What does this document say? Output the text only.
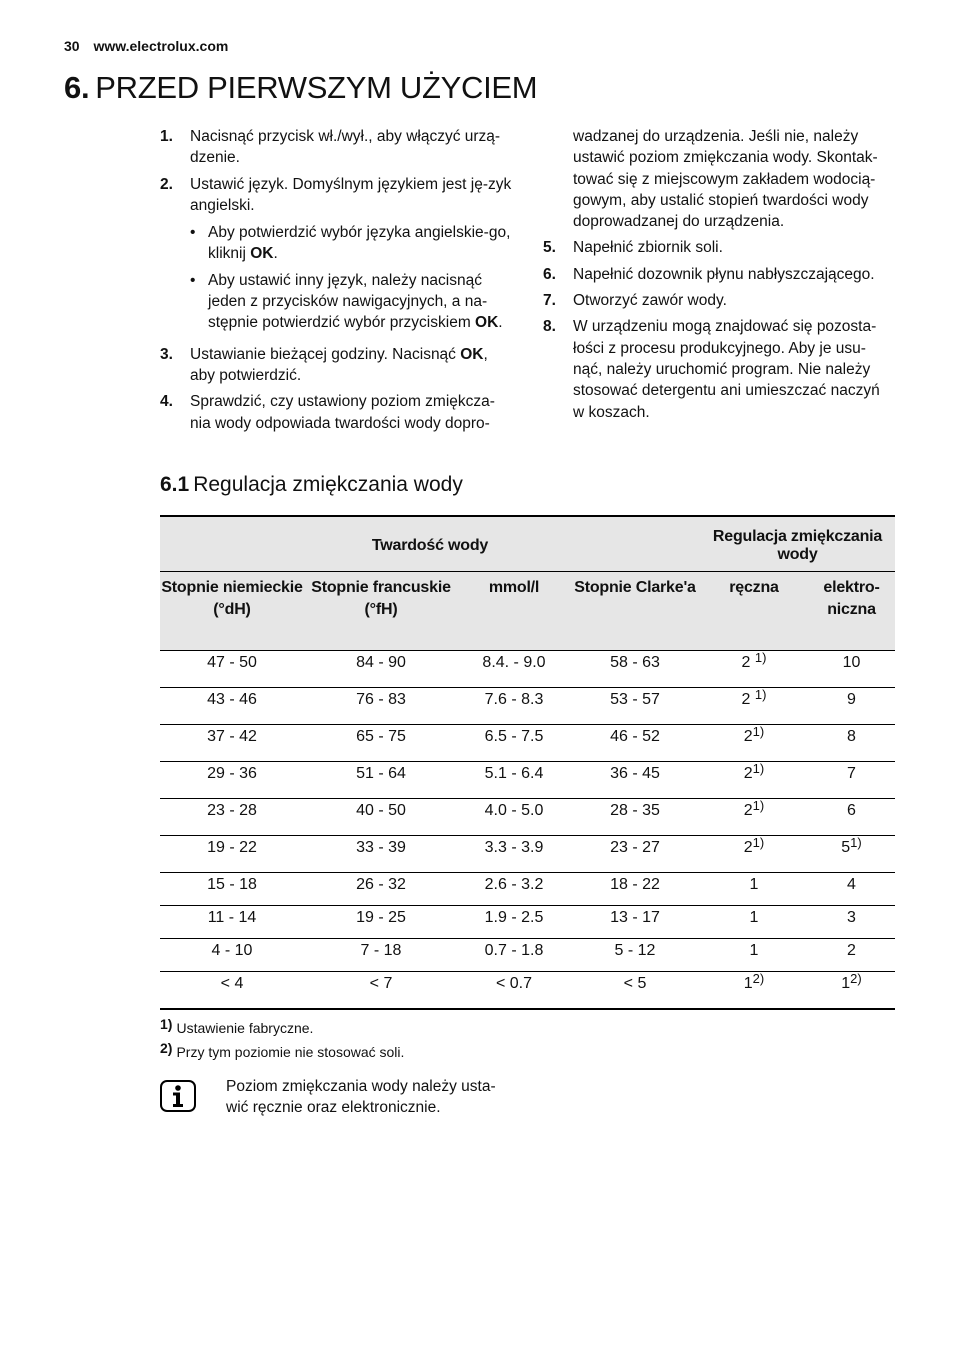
30 www.electrolux.com
6. PRZED PIERWSZYM UŻYCIEM
1.	Nacisnąć przycisk wł./wył., aby włączyć urzą-dzenie.
2.	Ustawić język. Domyślnym językiem jest ję-zyk angielski.
• Aby potwierdzić wybór języka angielskie-go, kliknij OK.
• Aby ustawić inny język, należy nacisnąć jeden z przycisków nawigacyjnych, a na-stępnie potwierdzić wybór przyciskiem OK.
3.	Ustawianie bieżącej godziny. Nacisnąć OK, aby potwierdzić.
4.	Sprawdzić, czy ustawiony poziom zmiękcza-nia wody odpowiada twardości wody dopro-
wadzanej do urządzenia. Jeśli nie, należy ustawić poziom zmiękczania wody. Skontak-tować się z miejscowym zakładem wodocią-gowym, aby ustalić stopień twardości wody doprowadzanej do urządzenia.
5.	Napełnić zbiornik soli.
6.	Napełnić dozownik płynu nabłyszczającego.
7.	Otworzyć zawór wody.
8.	W urządzeniu mogą znajdować się pozosta-łości z procesu produkcyjnego. Aby je usu-nąć, należy uruchomić program. Nie należy stosować detergentu ani umieszczać naczyń w koszach.
6.1 Regulacja zmiękczania wody
Twardość wody				Regulacja zmiękczania wody	
Stopnie niemieckie (°dH)	Stopnie francuskie (°fH)	mmol/l	Stopnie Clarke'a	ręczna	elektro-niczna
47 - 50	84 - 90	8.4. - 9.0	58 - 63	2 $^{1)}$	10
43 - 46	76 - 83	7.6 - 8.3	53 - 57	2 $^{1)}$	9
37 - 42	65 - 75	6.5 - 7.5	46 - 52	2$^{1)}$	8
29 - 36	51 - 64	5.1 - 6.4	36 - 45	2$^{1)}$	7
23 - 28	40 - 50	4.0 - 5.0	28 - 35	2$^{1)}$	6
19 - 22	33 - 39	3.3 - 3.9	23 - 27	2$^{1)}$	5$^{1)}$
15 - 18	26 - 32	2.6 - 3.2	18 - 22	1	4
11 - 14	19 - 25	1.9 - 2.5	13 - 17	1	3
4 - 10	7 - 18	0.7 - 1.8	5 - 12	1	2
< 4	< 7	< 0.7	< 5	1$^{2)}$	1$^{2)}$
1) Ustawienie fabryczne.
2) Przy tym poziomie nie stosować soli.
Poziom zmiękczania wody należy usta-wić ręcznie oraz elektronicznie.
